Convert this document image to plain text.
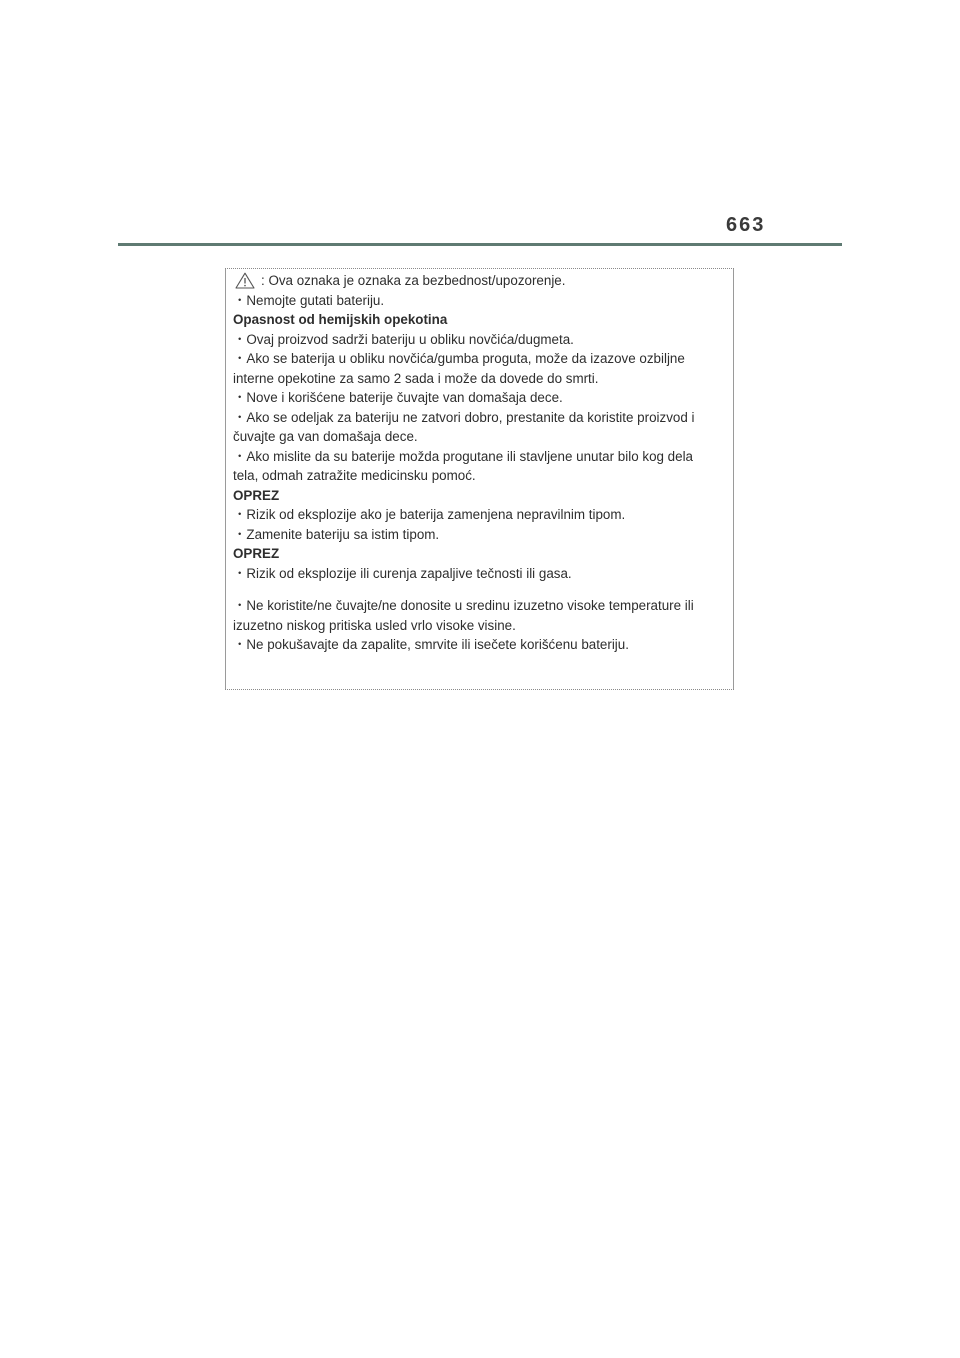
663
: Ova oznaka je oznaka za bezbednost/upozorenje.
・Nemojte gutati bateriju.
Opasnost od hemijskih opekotina
・Ovaj proizvod sadrži bateriju u obliku novčića/dugmeta.
・Ako se baterija u obliku novčića/gumba proguta, može da izazove ozbiljne
interne opekotine za samo 2 sada i može da dovede do smrti.
・Nove i korišćene baterije čuvajte van domašaja dece.
・Ako se odeljak za bateriju ne zatvori dobro, prestanite da koristite proizvod i
čuvajte ga van domašaja dece.
・Ako mislite da su baterije možda progutane ili stavljene unutar bilo kog dela
tela, odmah zatražite medicinsku pomoć.
OPREZ
・Rizik od eksplozije ako je baterija zamenjena nepravilnim tipom.
・Zamenite bateriju sa istim tipom.
OPREZ
・Rizik od eksplozije ili curenja zapaljive tečnosti ili gasa.
・Ne koristite/ne čuvajte/ne donosite u sredinu izuzetno visoke temperature ili
izuzetno niskog pritiska usled vrlo visoke visine.
・Ne pokušavajte da zapalite, smrvite ili isečete korišćenu bateriju.
